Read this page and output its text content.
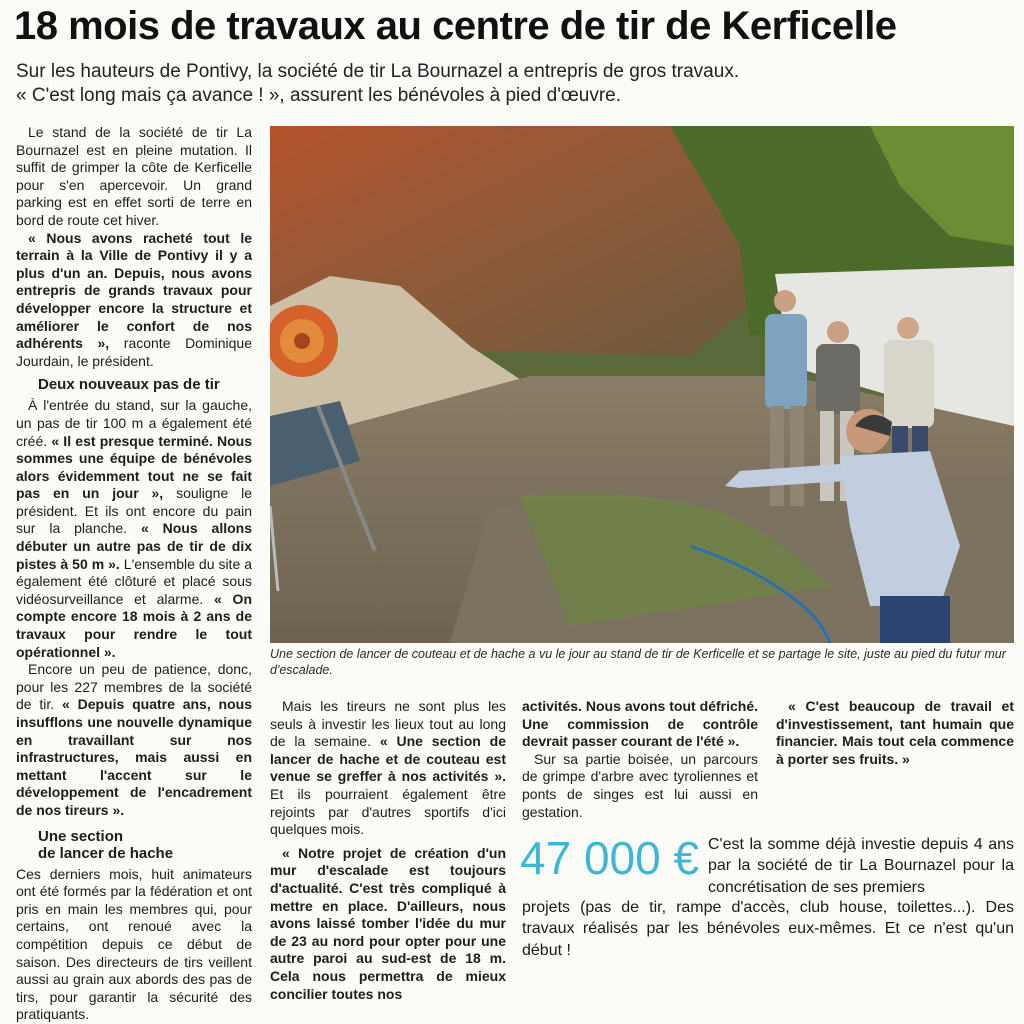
18 mois de travaux au centre de tir de Kerficelle
Sur les hauteurs de Pontivy, la société de tir La Bournazel a entrepris de gros travaux.
« C'est long mais ça avance ! », assurent les bénévoles à pied d'œuvre.

Le stand de la société de tir La Bournazel est en pleine mutation. Il suffit de grimper la côte de Kerficelle pour s'en apercevoir. Un grand parking est en effet sorti de terre en bord de route cet hiver.

« Nous avons racheté tout le terrain à la Ville de Pontivy il y a plus d'un an. Depuis, nous avons entrepris de grands travaux pour développer encore la structure et améliorer le confort de nos adhérents », raconte Dominique Jourdain, le président.

Deux nouveaux pas de tir

À l'entrée du stand, sur la gauche, un pas de tir 100 m a également été créé. « Il est presque terminé. Nous sommes une équipe de bénévoles alors évidemment tout ne se fait pas en un jour », souligne le président. Et ils ont encore du pain sur la planche. « Nous allons débuter un autre pas de tir de dix pistes à 50 m ». L'ensemble du site a également été clôturé et placé sous vidéosurveillance et alarme. « On compte encore 18 mois à 2 ans de travaux pour rendre le tout opérationnel ».

Encore un peu de patience, donc, pour les 227 membres de la société de tir. « Depuis quatre ans, nous insufflons une nouvelle dynamique en travaillant sur nos infrastructures, mais aussi en mettant l'accent sur le développement de l'encadrement de nos tireurs ».

Une section
de lancer de hache

Ces derniers mois, huit animateurs ont été formés par la fédération et ont pris en main les membres qui, pour certains, ont renoué avec la compétition depuis ce début de saison. Des directeurs de tirs veillent aussi au grain aux abords des pas de tirs, pour garantir la sécurité des pratiquants.

Une section de lancer de couteau et de hache a vu le jour au stand de tir de Kerficelle et se partage le site, juste au pied du futur mur d'escalade.

Mais les tireurs ne sont plus les seuls à investir les lieux tout au long de la semaine. « Une section de lancer de hache et de couteau est venue se greffer à nos activités ». Et ils pourraient également être rejoints par d'autres sportifs d'ici quelques mois.

« Notre projet de création d'un mur d'escalade est toujours d'actualité. C'est très compliqué à mettre en place. D'ailleurs, nous avons laissé tomber l'idée du mur de 23 au nord pour opter pour une autre paroi au sud-est de 18 m. Cela nous permettra de mieux concilier toutes nos

activités. Nous avons tout défriché. Une commission de contrôle devrait passer courant de l'été ».

Sur sa partie boisée, un parcours de grimpe d'arbre avec tyroliennes et ponts de singes est lui aussi en gestation.

« C'est beaucoup de travail et d'investissement, tant humain que financier. Mais tout cela commence à porter ses fruits. »

47 000 € C'est la somme déjà investie depuis 4 ans par la société de tir La Bournazel pour la concrétisation de ses premiers
projets (pas de tir, rampe d'accès, club house, toilettes...). Des travaux réalisés par les bénévoles eux-mêmes. Et ce n'est qu'un début !
